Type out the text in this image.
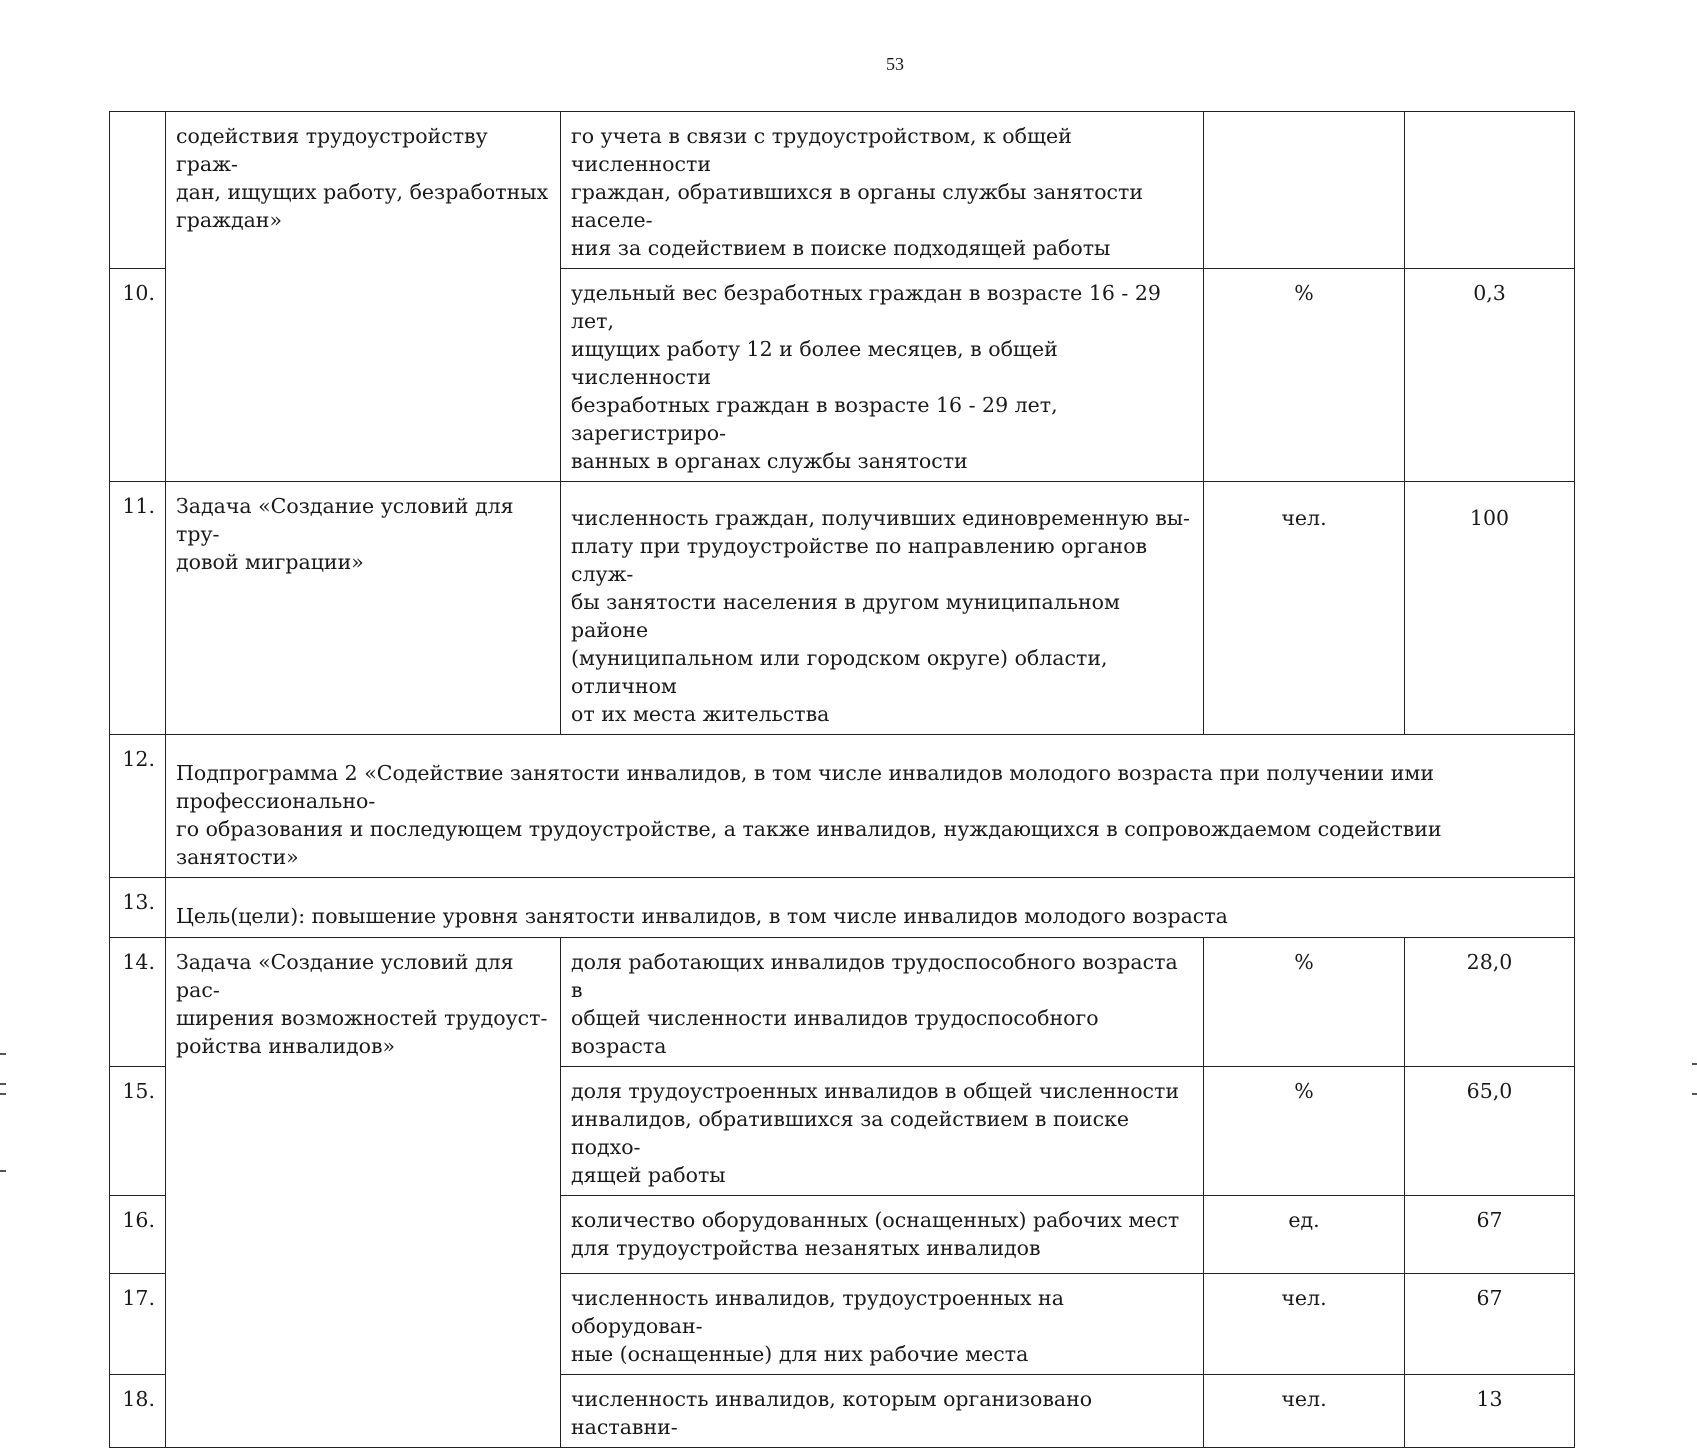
53
	содействия трудоустройству граж-
дан, ищущих работу, безработных
граждан»	го учета в связи с трудоустройством, к общей численности
граждан, обратившихся в органы службы занятости населе-
ния за содействием в поиске подходящей работы		
10.		удельный вес безработных граждан в возрасте 16 - 29 лет,
ищущих работу 12 и более месяцев, в общей численности
безработных граждан в возрасте 16 - 29 лет, зарегистриро-
ванных в органах службы занятости	%	0,3
11.	Задача «Создание условий для тру-
довой миграции»	численность граждан, получивших единовременную вы-
плату при трудоустройстве по направлению органов служ-
бы занятости населения в другом муниципальном районе
(муниципальном или городском округе) области, отличном
от их места жительства	чел.	100
12.	Подпрограмма 2 «Содействие занятости инвалидов, в том числе инвалидов молодого возраста при получении ими профессионально-
го образования и последующем трудоустройстве, а также инвалидов, нуждающихся в сопровождаемом содействии занятости»			

13.	Цель(цели): повышение уровня занятости инвалидов, в том числе инвалидов молодого возраста			

14.	Задача «Создание условий для рас-
ширения возможностей трудоуст-
ройства инвалидов»	доля работающих инвалидов трудоспособного возраста в
общей численности инвалидов трудоспособного возраста	%	28,0
15.		доля трудоустроенных инвалидов в общей численности
инвалидов, обратившихся за содействием в поиске подхо-
дящей работы	%	65,0
16.		количество оборудованных (оснащенных) рабочих мест
для трудоустройства незанятых инвалидов	ед.	67
17.		численность инвалидов, трудоустроенных на оборудован-
ные (оснащенные) для них рабочие места	чел.	67
18.		численность инвалидов, которым организовано наставни-	чел.	13
